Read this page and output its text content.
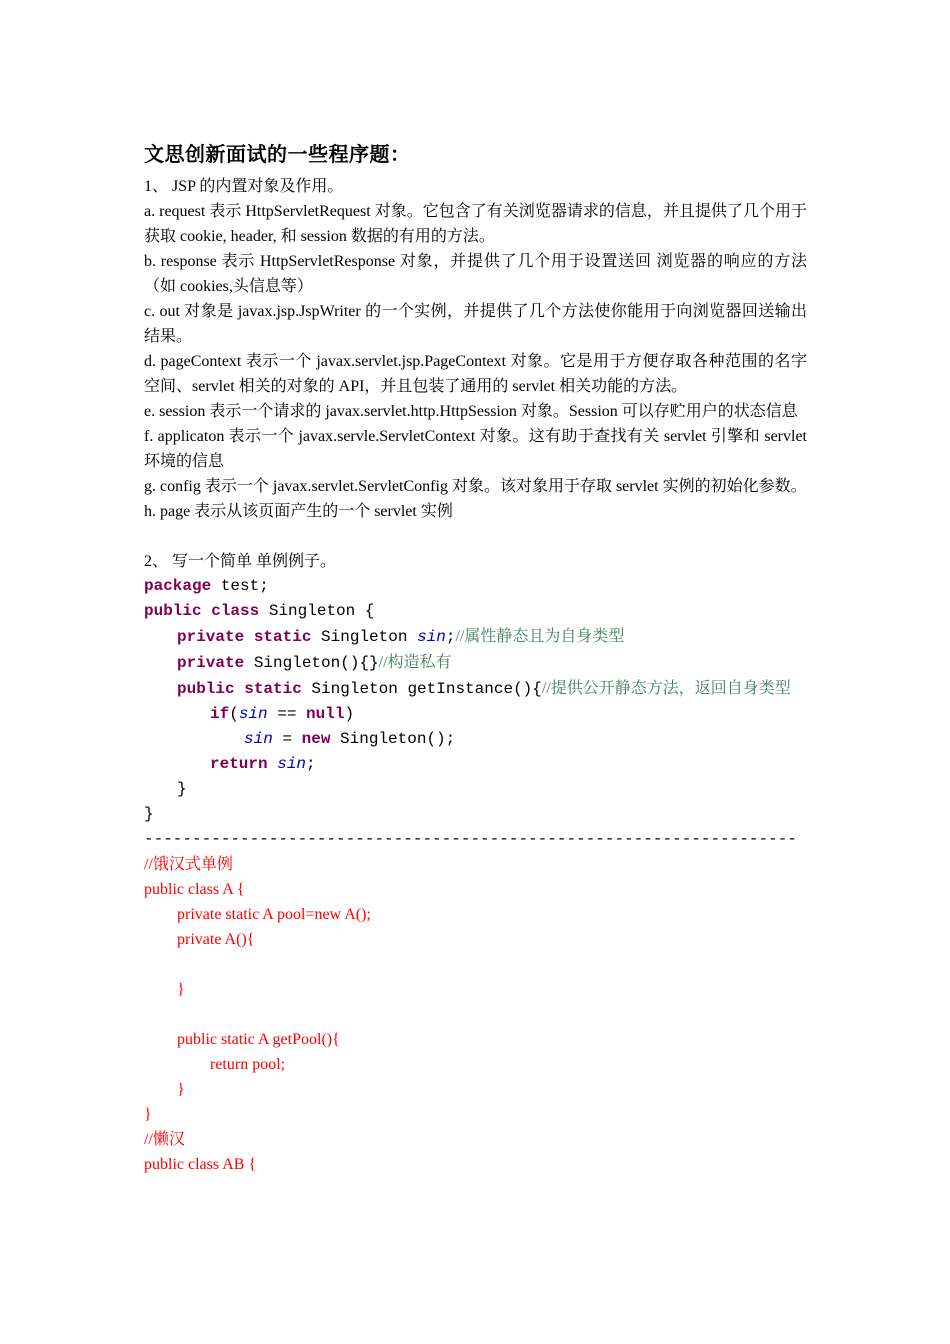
文思创新面试的一些程序题：

1、 JSP 的内置对象及作用。

a. request 表示 HttpServletRequest 对象。它包含了有关浏览器请求的信息，并且提供了几个用于获取 cookie, header, 和 session 数据的有用的方法。

b. response 表示 HttpServletResponse 对象，并提供了几个用于设置送回 浏览器的响应的方法（如 cookies,头信息等）

c. out 对象是 javax.jsp.JspWriter 的一个实例，并提供了几个方法使你能用于向浏览器回送输出结果。

d. pageContext 表示一个 javax.servlet.jsp.PageContext 对象。它是用于方便存取各种范围的名字空间、servlet 相关的对象的 API，并且包装了通用的 servlet 相关功能的方法。

e. session 表示一个请求的 javax.servlet.http.HttpSession 对象。Session 可以存贮用户的状态信息

f. applicaton 表示一个 javax.servle.ServletContext 对象。这有助于查找有关 servlet 引擎和 servlet 环境的信息

g. config 表示一个 javax.servlet.ServletConfig 对象。该对象用于存取 servlet 实例的初始化参数。

h. page 表示从该页面产生的一个 servlet 实例

2、 写一个简单 单例例子。

package test;
public class Singleton {
private static Singleton sin;//属性静态且为自身类型
private Singleton(){}//构造私有
public static Singleton getInstance(){//提供公开静态方法，返回自身类型
if(sin == null)
sin = new Singleton();
return sin;
}
}
--------------------------------------------------------------------
//饿汉式单例
public class A {
private static A pool=new A();
private A(){
}
public static A getPool(){
return pool;
}
}
//懒汉
public class AB {
